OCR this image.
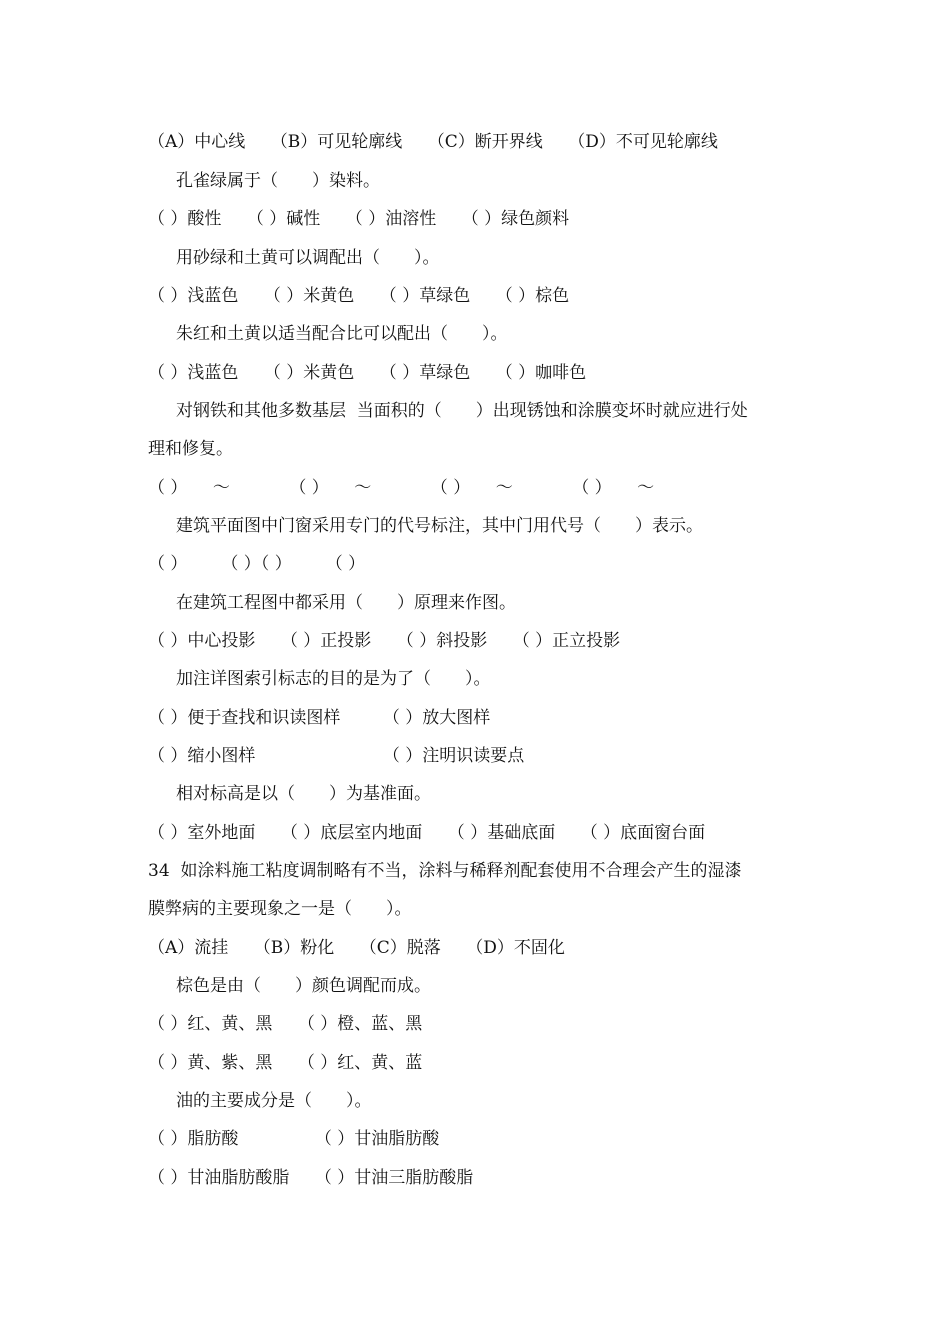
（A）中心线　　（B）可见轮廓线　　（C）断开界线　　（D）不可见轮廓线
孔雀绿属于（　　）染料。
（ ）酸性　　（ ）碱性　　（ ）油溶性　　（ ）绿色颜料
用砂绿和土黄可以调配出（　　）。
（ ）浅蓝色　　（ ）米黄色　　（ ）草绿色　　（ ）棕色
朱红和土黄以适当配合比可以配出（　　）。
（ ）浅蓝色　　（ ）米黄色　　（ ）草绿色　　（ ）咖啡色
对钢铁和其他多数基层  当面积的（　　）出现锈蚀和涂膜变坏时就应进行处
理和修复。
（ ）　　～　　　　（ ）　　～　　　　（ ）　　～　　　　（ ）　　～
建筑平面图中门窗采用专门的代号标注，其中门用代号（　　）表示。
（ ）　　　（ ）（ ）　　　（ ）
在建筑工程图中都采用（　　）原理来作图。
（ ）中心投影　　（ ）正投影　　（ ）斜投影　　（ ）正立投影
加注详图索引标志的目的是为了（　　）。
（ ）便于查找和识读图样　　　（ ）放大图样
（ ）缩小图样　　　　　　　　（ ）注明识读要点
相对标高是以（　　）为基准面。
（ ）室外地面　　（ ）底层室内地面　　（ ）基础底面　　（ ）底面窗台面
34  如涂料施工粘度调制略有不当，涂料与稀释剂配套使用不合理会产生的湿漆
膜弊病的主要现象之一是（　　）。
（A）流挂　　（B）粉化　　（C）脱落　　（D）不固化
棕色是由（　　）颜色调配而成。
（ ）红、黄、黑　　（ ）橙、蓝、黑
（ ）黄、紫、黑　　（ ）红、黄、蓝
油的主要成分是（　　）。
（ ）脂肪酸　　　　　（ ）甘油脂肪酸
（ ）甘油脂肪酸脂　　（ ）甘油三脂肪酸脂
